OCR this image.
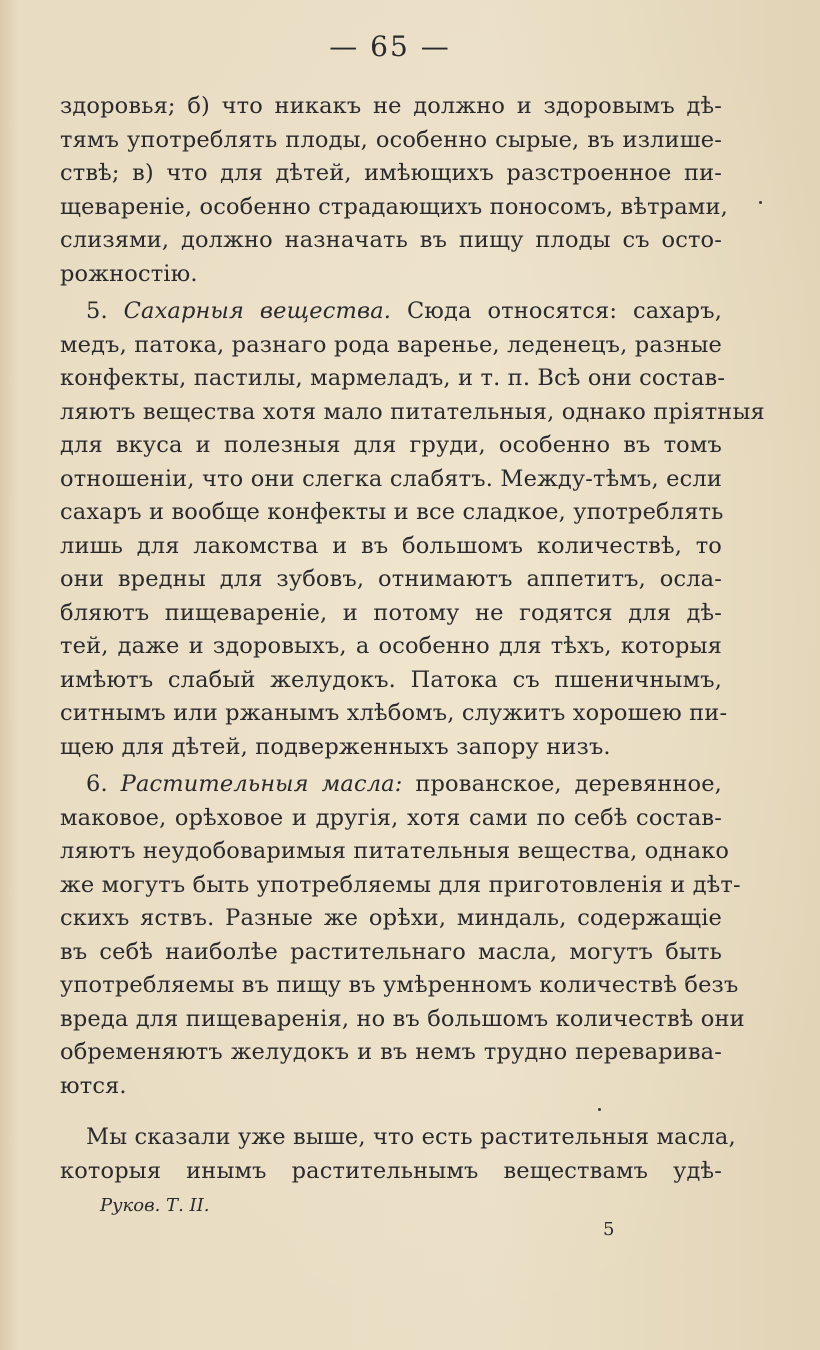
— 65 —
здоровья; б) что никакъ не должно и здоровымъ дѣ-
тямъ употреблять плоды, особенно сырые, въ излише-
ствѣ; в) что для дѣтей, имѣющихъ разстроенное пи-
щевареніе, особенно страдающихъ поносомъ, вѣтрами,
слизями, должно назначать въ пищу плоды съ осто-
рожностію.
5. Сахарныя вещества. Сюда относятся: сахаръ,
медъ, патока, разнаго рода варенье, леденецъ, разные
конфекты, пастилы, мармеладъ, и т. п. Всѣ они состав-
ляютъ вещества хотя мало питательныя, однако пріятныя
для вкуса и полезныя для груди, особенно въ томъ
отношеніи, что они слегка слабятъ. Между-тѣмъ, если
сахаръ и вообще конфекты и все сладкое, употреблять
лишь для лакомства и въ большомъ количествѣ, то
они вредны для зубовъ, отнимаютъ аппетитъ, осла-
бляютъ пищевареніе, и потому не годятся для дѣ-
тей, даже и здоровыхъ, а особенно для тѣхъ, которыя
имѣютъ слабый желудокъ. Патока съ пшеничнымъ,
ситнымъ или ржанымъ хлѣбомъ, служитъ хорошею пи-
щею для дѣтей, подверженныхъ запору низъ.
6. Растительныя масла: прованское, деревянное,
маковое, орѣховое и другія, хотя сами по себѣ состав-
ляютъ неудобоваримыя питательныя вещества, однако
же могутъ быть употребляемы для приготовленія и дѣт-
скихъ яствъ. Разные же орѣхи, миндаль, содержащіе
въ себѣ наиболѣе растительнаго масла, могутъ быть
употребляемы въ пищу въ умѣренномъ количествѣ безъ
вреда для пищеваренія, но въ большомъ количествѣ они
обременяютъ желудокъ и въ немъ трудно переварива-
ются.
Руков. Т. II.
5
Мы сказали уже выше, что есть растительныя масла,
которыя инымъ растительнымъ веществамъ удѣ-
